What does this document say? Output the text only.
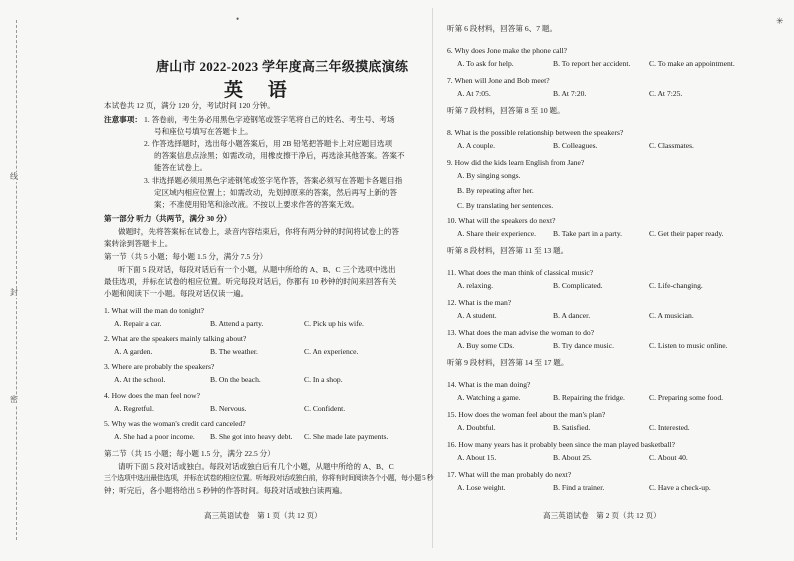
线
封
密
唐山市 2022-2023 学年度高三年级摸底演练
英 语
本试卷共 12 页，满分 120 分，考试时间 120 分钟。
注意事项： 1. 答卷前，考生务必用黑色字迹钢笔或签字笔将自己的姓名、考生号、考场
号和座位号填写在答题卡上。
2. 作答选择题时，选出每小题答案后，用 2B 铅笔把答题卡上对应题目选项
的答案信息点涂黑；如需改动，用橡皮擦干净后，再选涂其他答案。答案不
能答在试卷上。
3. 非选择题必须用黑色字迹钢笔或签字笔作答，答案必须写在答题卡各题目指
定区域内相应位置上；如需改动，先划掉原来的答案，然后再写上新的答
案；不准使用铅笔和涂改液。不按以上要求作答的答案无效。
第一部分 听力（共两节，满分 30 分）
做题时，先将答案标在试卷上，录音内容结束后，你将有两分钟的时间将试卷上的答
案转涂到答题卡上。
第一节（共 5 小题；每小题 1.5 分，满分 7.5 分）
听下面 5 段对话，每段对话后有一个小题，从题中所给的 A、B、C 三个选项中选出
最佳选项，并标在试卷的相应位置。听完每段对话后，你都有 10 秒钟的时间来回答有关
小题和阅读下一小题。每段对话仅读一遍。
1. What will the man do tonight?
A. Repair a car.	B. Attend a party.	C. Pick up his wife.
2. What are the speakers mainly talking about?
A. A garden.	B. The weather.	C. An experience.
3. Where are probably the speakers?
A. At the school.	B. On the beach.	C. In a shop.
4. How does the man feel now?
A. Regretful.	B. Nervous.	C. Confident.
5. Why was the woman's credit card canceled?
A. She had a poor income. B. She got into heavy debt. C. She made late payments.
第二节（共 15 小题；每小题 1.5 分，满分 22.5 分）
请听下面 5 段对话或独白。每段对话或独白后有几个小题，从题中所给的 A、B、C
三个选项中选出最佳选项，并标在试卷的相应位置。听每段对话或独白前，你将有时间阅读各个小题，每小题 5 秒
钟；听完后，各小题将给出 5 秒钟的作答时间。每段对话或独白读两遍。
高三英语试卷　第 1 页（共 12 页）
听第 6 段材料，回答第 6、7 题。
6. Why does Jone make the phone call?
A. To ask for help.	B. To report her accident. C. To make an appointment.
7. When will Jone and Bob meet?
A. At 7:05.	B. At 7:20.	C. At 7:25.
听第 7 段材料，回答第 8 至 10 题。
8. What is the possible relationship between the speakers?
A. A couple.	B. Colleagues.	C. Classmates.
9. How did the kids learn English from Jane?
A. By singing songs.
B. By repeating after her.
C. By translating her sentences.
10. What will the speakers do next?
A. Share their experience. B. Take part in a party.	C. Get their paper ready.
听第 8 段材料，回答第 11 至 13 题。
11. What does the man think of classical music?
A. relaxing.	B. Complicated.	C. Life-changing.
12. What is the man?
A. A student.	B. A dancer.	C. A musician.
13. What does the man advise the woman to do?
A. Buy some CDs.	B. Try dance music.	C. Listen to music online.
听第 9 段材料，回答第 14 至 17 题。
14. What is the man doing?
A. Watching a game.	B. Repairing the fridge.	C. Preparing some food.
15. How does the woman feel about the man's plan?
A. Doubtful.	B. Satisfied.	C. Interested.
16. How many years has it probably been since the man played basketball?
A. About 15.	B. About 25.	C. About 40.
17. What will the man probably do next?
A. Lose weight.	B. Find a trainer.	C. Have a check-up.
高三英语试卷　第 2 页（共 12 页）
•	✳
